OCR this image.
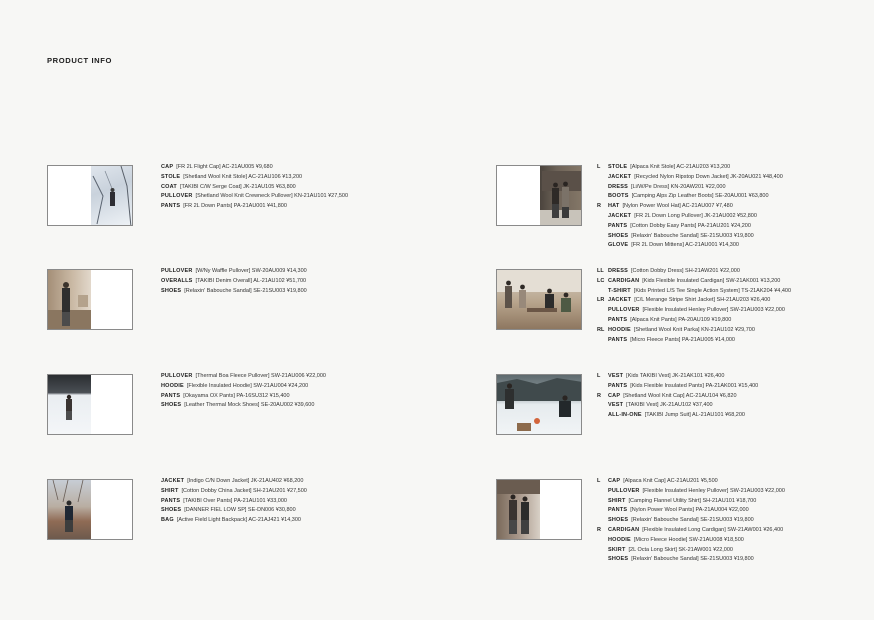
PRODUCT INFO
CAP [FR 2L Flight Cap] AC-21AU005 ¥9,680
STOLE [Shetland Wool Knit Stole] AC-21AU106 ¥13,200
COAT [TAKIBI C/W Serge Coat] JK-21AU105 ¥63,800
PULLOVER [Shetland Wool Knit Crewneck Pullover] KN-21AU101 ¥27,500
PANTS [FR 2L Down Pants] PA-21AU001 ¥41,800
PULLOVER [W/Ny Waffle Pullover] SW-20AU009 ¥14,300
OVERALLS [TAKIBI Denim Overall] AL-21AU102 ¥51,700
SHOES [Relaxin' Babouche Sandal] SE-21SU003 ¥19,800
PULLOVER [Thermal Boa Fleece Pullover] SW-21AU006 ¥22,000
HOODIE [Flexible Insulated Hoodie] SW-21AU004 ¥24,200
PANTS [Okayama OX Pants] PA-16SU312 ¥15,400
SHOES [Leather Thermal Mock Shoes] SE-20AU002 ¥39,600
JACKET [Indigo C/N Down Jacket] JK-21AU402 ¥68,200
SHIRT [Cotton Dobby China Jacket] SH-21AU201 ¥27,500
PANTS [TAKIBI Over Pants] PA-21AU101 ¥33,000
SHOES [DANNER FIEL LOW SP] SE-DN006 ¥30,800
BAG [Active Field Light Backpack] AC-21AJ421 ¥14,300
L	STOLE [Alpaca Knit Stole] AC-21AU203 ¥13,200
JACKET [Recycled Nylon Ripstop Down Jacket] JK-20AU021 ¥48,400
DRESS [Li/W/Pe Dress] KN-20AW201 ¥22,000
BOOTS [Camping Alps Zip Leather Boots] SE-20AU001 ¥63,800
R	HAT [Nylon Power Wool Hat] AC-21AU007 ¥7,480
JACKET [FR 2L Down Long Pullover] JK-21AU002 ¥52,800
PANTS [Cotton Dobby Easy Pants] PA-21AU201 ¥24,200
SHOES [Relaxin' Babouche Sandal] SE-21SU003 ¥19,800
GLOVE [FR 2L Down Mittens] AC-21AU001 ¥14,300
LL DRESS [Cotton Dobby Dress] SH-21AW201 ¥22,000
LC CARDIGAN [Kids Flexible Insulated Cardigan] SW-21AK001 ¥13,200
T-SHIRT [Kids Printed L/S Tee Single Action System] TS-21AK204 ¥4,400
LR JACKET [C/L Merange Stripe Shirt Jacket] SH-21AU203 ¥26,400
PULLOVER [Flexible Insulated Henley Pullover] SW-21AU003 ¥22,000
PANTS [Alpaca Knit Pants] PA-20AU109 ¥19,800
RL HOODIE [Shetland Wool Knit Parka] KN-21AU102 ¥29,700
PANTS [Micro Fleece Pants] PA-21AU005 ¥14,000
L	VEST [Kids TAKIBI Vest] JK-21AK101 ¥26,400
PANTS [Kids Flexible Insulated Pants] PA-21AK001 ¥15,400
R	CAP [Shetland Wool Knit Cap] AC-21AU104 ¥6,820
VEST [TAKIBI Vest] JK-21AU102 ¥37,400
ALL-IN-ONE [TAKIBI Jump Suit] AL-21AU101 ¥68,200
L	CAP [Alpaca Knit Cap] AC-21AU201 ¥5,500
PULLOVER [Flexible Insulated Henley Pullover] SW-21AU003 ¥22,000
SHIRT [Camping Flannel Utility Shirt] SH-21AU101 ¥18,700
PANTS [Nylon Power Wool Pants] PA-21AU004 ¥22,000
SHOES [Relaxin' Babouche Sandal] SE-21SU003 ¥19,800
R	CARDIGAN [Flexible Insulated Long Cardigan] SW-21AW001 ¥26,400
HOODIE [Micro Fleece Hoodie] SW-21AU008 ¥18,500
SKIRT [2L Octa Long Skirt] SK-21AW001 ¥22,000
SHOES [Relaxin' Babouche Sandal] SE-21SU003 ¥19,800
